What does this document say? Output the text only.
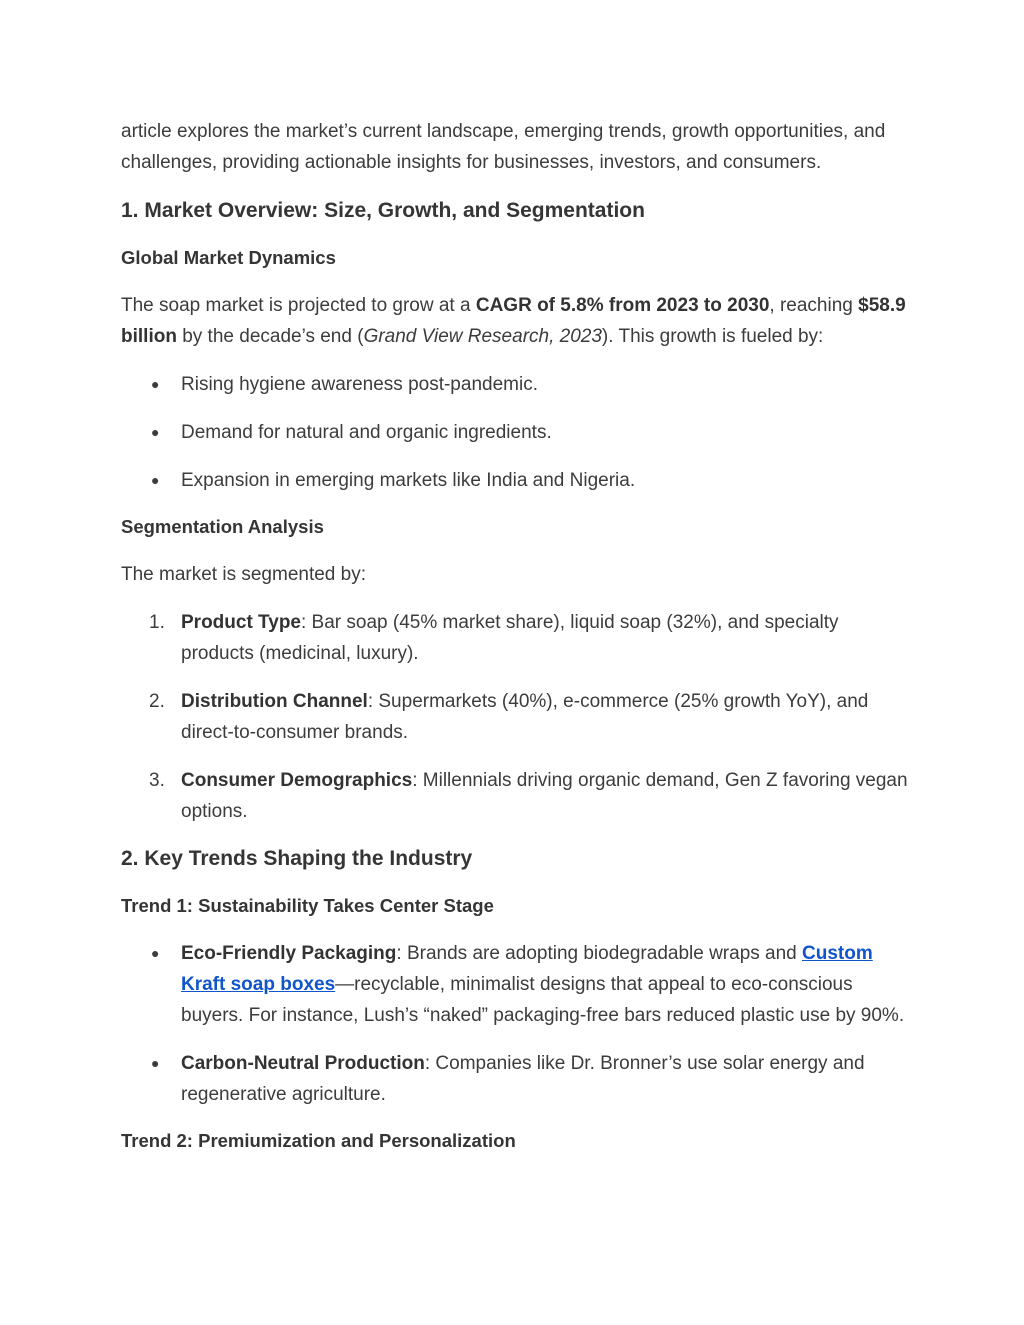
article explores the market’s current landscape, emerging trends, growth opportunities, and challenges, providing actionable insights for businesses, investors, and consumers.

1. Market Overview: Size, Growth, and Segmentation
Global Market Dynamics

The soap market is projected to grow at a CAGR of 5.8% from 2023 to 2030, reaching $58.9 billion by the decade’s end (Grand View Research, 2023). This growth is fueled by:

● Rising hygiene awareness post-pandemic.
● Demand for natural and organic ingredients.
● Expansion in emerging markets like India and Nigeria.
Segmentation Analysis

The market is segmented by:

1. Product Type: Bar soap (45% market share), liquid soap (32%), and specialty products (medicinal, luxury).
2. Distribution Channel: Supermarkets (40%), e-commerce (25% growth YoY), and direct-to-consumer brands.
3. Consumer Demographics: Millennials driving organic demand, Gen Z favoring vegan options.
2. Key Trends Shaping the Industry
Trend 1: Sustainability Takes Center Stage
● Eco-Friendly Packaging: Brands are adopting biodegradable wraps and Custom Kraft soap boxes—recyclable, minimalist designs that appeal to eco-conscious buyers. For instance, Lush’s “naked” packaging-free bars reduced plastic use by 90%.
● Carbon-Neutral Production: Companies like Dr. Bronner’s use solar energy and regenerative agriculture.
Trend 2: Premiumization and Personalization
